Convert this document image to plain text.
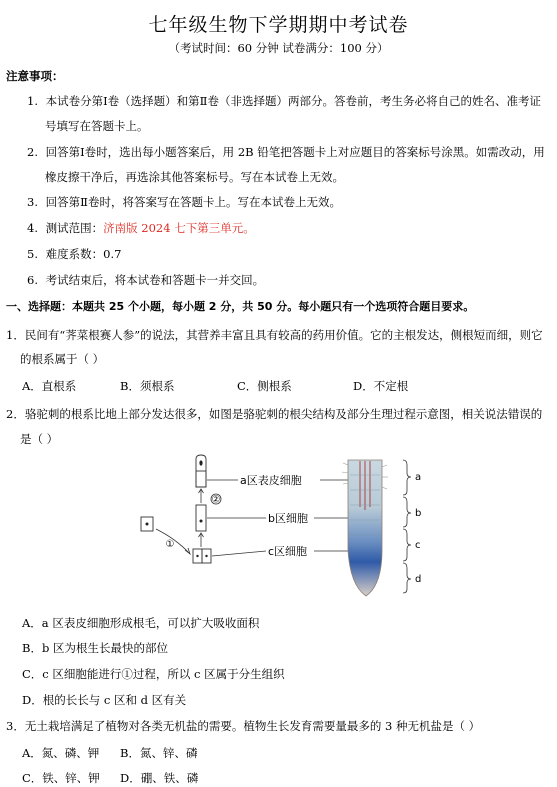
七年级生物下学期期中考试卷
（考试时间：60 分钟 试卷满分：100 分）
注意事项：
1. 本试卷分第Ⅰ卷（选择题）和第Ⅱ卷（非选择题）两部分。答卷前，考生务必将自己的姓名、准考证
号填写在答题卡上。
2. 回答第Ⅰ卷时，选出每小题答案后，用 2B 铅笔把答题卡上对应题目的答案标号涂黑。如需改动，用
橡皮擦干净后，再选涂其他答案标号。写在本试卷上无效。
3. 回答第Ⅱ卷时，将答案写在答题卡上。写在本试卷上无效。
4. 测试范围：济南版 2024 七下第三单元。
5. 难度系数：0.7
6. 考试结束后，将本试卷和答题卡一并交回。
一、选择题：本题共 25 个小题，每小题 2 分，共 50 分。每小题只有一个选项符合题目要求。
1．民间有“荠菜根赛人参”的说法，其营养丰富且具有较高的药用价值。它的主根发达，侧根短而细，则它
的根系属于（ ）
A．直根系	B．须根系	C．侧根系	D．不定根
2．骆驼刺的根系比地上部分发达很多，如图是骆驼刺的根尖结构及部分生理过程示意图，相关说法错误的
是（ ）
②
①
a区表皮细胞
b区细胞
c区细胞
a
b
c
d
A．a 区表皮细胞形成根毛，可以扩大吸收面积
B．b 区为根生长最快的部位
C．c 区细胞能进行①过程，所以 c 区属于分生组织
D．根的长长与 c 区和 d 区有关
3．无土栽培满足了植物对各类无机盐的需要。植物生长发育需要量最多的 3 种无机盐是（ ）
A．氮、磷、钾 B．氮、锌、磷
C．铁、锌、钾 D．硼、铁、磷
